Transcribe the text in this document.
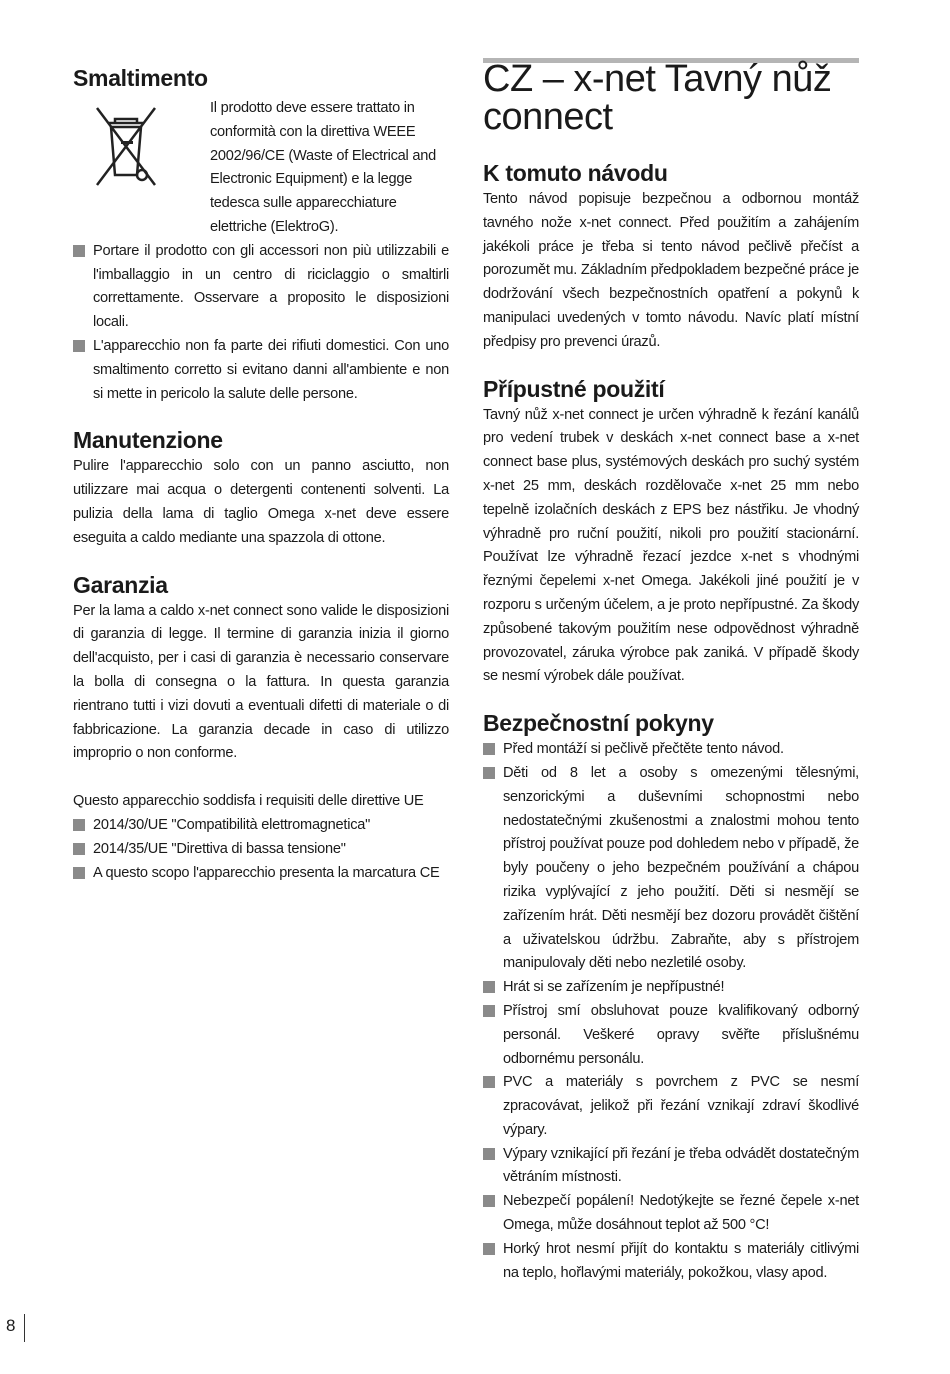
Smaltimento

Il prodotto deve essere trattato in conformità con la direttiva WEEE 2002/96/CE (Waste of Electrical and Electronic Equipment) e la legge tedesca sulle apparecchiature elettriche (ElektroG).

Portare il prodotto con gli accessori non più utilizzabili e l'imballaggio in un centro di riciclaggio o smaltirli correttamente. Osservare a proposito le disposizioni locali.
L'apparecchio non fa parte dei rifiuti domestici. Con uno smaltimento corretto si evitano danni all'ambiente e non si mette in pericolo la salute delle persone.
Manutenzione

Pulire l'apparecchio solo con un panno asciutto, non utilizzare mai acqua o detergenti contenenti solventi. La pulizia della lama di taglio Omega x-net deve essere eseguita a caldo mediante una spazzola di ottone.

Garanzia

Per la lama a caldo x-net connect sono valide le disposizioni di garanzia di legge. Il termine di garanzia inizia il giorno dell'acquisto, per i casi di garanzia è necessario conservare la bolla di consegna o la fattura. In questa garanzia rientrano tutti i vizi dovuti a eventuali difetti di materiale o di fabbricazione. La garanzia decade in caso di utilizzo improprio o non conforme.

Questo apparecchio soddisfa i requisiti delle direttive UE

2014/30/UE "Compatibilità elettromagnetica"
2014/35/UE "Direttiva di bassa tensione"
A questo scopo l'apparecchio presenta la marcatura CE
CZ – x-net Tavný nůž connect
K tomuto návodu

Tento návod popisuje bezpečnou a odbornou montáž tavného nože x-net connect. Před použitím a zahájením jakékoli práce je třeba si tento návod pečlivě přečíst a porozumět mu. Základním předpokladem bezpečné práce je dodržování všech bezpečnostních opatření a pokynů k manipulaci uvedených v tomto návodu. Navíc platí místní předpisy pro prevenci úrazů.

Přípustné použití

Tavný nůž x-net connect je určen výhradně k řezání kanálů pro vedení trubek v deskách x-net connect base a x-net connect base plus, systémových deskách pro suchý systém x-net 25 mm, deskách rozdělovače x-net 25 mm nebo tepelně izolačních deskách z EPS bez nástřiku. Je vhodný výhradně pro ruční použití, nikoli pro použití stacionární. Používat lze výhradně řezací jezdce x-net s vhodnými řeznými čepelemi x-net Omega. Jakékoli jiné použití je v rozporu s určeným účelem, a je proto nepřípustné. Za škody způsobené takovým použitím nese odpovědnost výhradně provozovatel, záruka výrobce pak zaniká. V případě škody se nesmí výrobek dále používat.

Bezpečnostní pokyny
Před montáží si pečlivě přečtěte tento návod.
Děti od 8 let a osoby s omezenými tělesnými, senzorickými a duševními schopnostmi nebo nedostatečnými zkušenostmi a znalostmi mohou tento přístroj používat pouze pod dohledem nebo v případě, že byly poučeny o jeho bezpečném používání a chápou rizika vyplývající z jeho použití. Děti si nesmějí se zařízením hrát. Děti nesmějí bez dozoru provádět čištění a uživatelskou údržbu. Zabraňte, aby s přístrojem manipulovaly děti nebo nezletilé osoby.
Hrát si se zařízením je nepřípustné!
Přístroj smí obsluhovat pouze kvalifikovaný odborný personál. Veškeré opravy svěřte příslušnému odbornému personálu.
PVC a materiály s povrchem z PVC se nesmí zpracovávat, jelikož při řezání vznikají zdraví škodlivé výpary.
Výpary vznikající při řezání je třeba odvádět dostatečným větráním místnosti.
Nebezpečí popálení! Nedotýkejte se řezné čepele x-net Omega, může dosáhnout teplot až 500 °C!
Horký hrot nesmí přijít do kontaktu s materiály citlivými na teplo, hořlavými materiály, pokožkou, vlasy apod.
8
